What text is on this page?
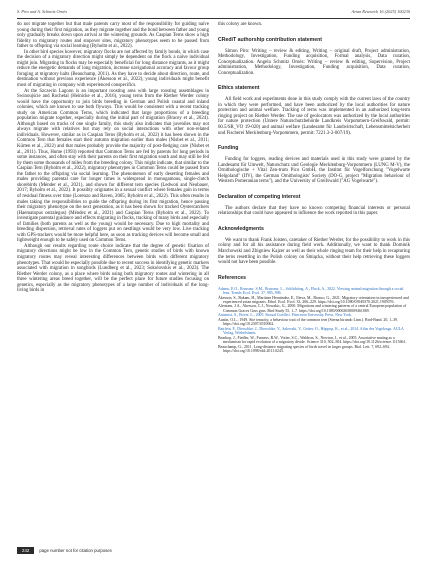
S. Piro and A. Schmitz Ornés	Avian Research 16 (2025) 100230

do not migrate together but that male parents carry most of the responsibility for guiding naïve young during their first migration, as they migrate together and the bond between father and young only gradually breaks down upon arrival at the wintering grounds. As Caspian Terns show a high fidelity to migratory routes and stopover sites, migratory phenotypes seem to be passed from father to offspring via social learning (Byholm et al., 2022).

In other bird species however, migratory flocks are not affected by family bonds, in which case the decision of a migratory direction might simply be dependent on the flock a naïve individual might join. Migrating in flocks may be especially beneficial for long distance migrants, as it might reduce the energetic demands of long migration, increase navigational accuracy and favour group foraging at migratory halts (Beauchamp, 2011). As they have to decide about direction, route, and destination without previous experience (Åkesson et al., 2022), young individuals might benefit most of migrating in company with experienced conspecifics.

At the Szczecin Lagoon is an important roosting area with large roosting assemblages in Swinoujście and Rochetal (Heinicke et al., 2016), young terns from the Riether Werder colony would have the opportunity to join birds breeding in German and Polish coastal and inland colonies, which are known to use both flyways. This would be consistent with a recent tracking study on American Common Terns, which indicated that large proportions of a breeding population migrate together, especially during the initial part of migration (Bracey et al., 2024). Although based on tracks of one single family, this study also indicates that juveniles may not always migrate with relatives but may rely on social interactions with other non-related individuals. However, similar as in Caspian Terns (Byholm et al., 2022) it has been shown in the Common Tern that females start their autumn migration earlier than males (Nisbet et al., 2011; Kürten et al., 2022) and that males probably provide the majority of post-fledging care (Nisbet et al., 2011). Thus, Hume (1993) reported that Common Terns are fed by parents for long periods in some instances, and often stay with their parents on their first migration south and may still be fed by them some thousands of miles from the breeding colony. This might indicate, that similar to the Caspian Tern (Byholm et al., 2022), migratory phenotypes in Common Terns could be passed from the father to the offspring via social learning. The phenomenon of early deserting females and males providing parental care for longer times is widespread in monogamous, single-clutch shorebirds (Ménder et al., 2021), and shown for different tern species (Ledwoń and Neubauer, 2017; Byholm et al., 2022). It possibly originates in a sexual conflict where females gain in terms of residual fitness over time (Lorenzo and Raven, 2005; Byholm et al., 2022). This often results in males taking the responsibilities to guide the offspring during its first migration, hence passing their migratory phenotype on the next generation, as it has been shown for tracked Oystercatchers (Haematopus ostralegus) (Méndez et al., 2021) and Caspian Terns (Byholm et al., 2022). To investigate parental guidance and effects migrating in flocks, tracking of many birds and especially of families (both parents as well as the young) would be necessary. Due to high mortality and breeding dispersion, retrieval rates of loggers put on nestlings would be very low. Live tracking with GPS-trackers would be more helpful here, as soon as tracking devices will become small and lightweight enough to be safely used on Common Terns.

Although our results regarding route choice indicate that the degree of genetic fixation of migratory directions might be low in the Common Tern, genetic studies of birds with known migratory routes may reveal interesting differences between birds with different migratory phenotypes. That would be especially possible due to recent success in identifying genetic markers associated with migration in songbirds (Lundberg et al., 2023; Sokolovskis et al., 2023). The Riether Werder colony, as a place where birds using both migratory routes and wintering in all three wintering areas breed together, will be the perfect place for future studies focusing on genetics, especially as the migratory phenotypes of a large number of individuals of the long-living birds in

this colony are known.

CRediT authorship contribution statement

Simon Piro: Writing – review & editing, Writing – original draft, Project administration, Methodology, Investigation, Funding acquisition, Formal analysis, Data curation, Conceptualization. Angela Schmitz Ornés: Writing – review & editing, Supervision, Project administration, Methodology, Investigation, Funding acquisition, Data curation, Conceptualization.

Ethics statement

All field work and experiments done in this study comply with the current laws of the country in which they were performed, and have been authorized by the local authorities for nature protection and animal welfare. Tracking of terns was implemented in an authorized long-term ringing project on Riether Werder. The use of geolocators was authorized by the local authorities for nature protection (Untere Naturschutzbehörde Landkreis Vorpommern-Greifswald, permit: 60.5/SR_VO 19-020) and animal welfare (Landesamt für Landwirtschaft, Lebensmittelsicherheit und Fischerei Mecklenburg-Vorpommern, permit: 7221.3-2-007/19).

Funding

Funding for loggers, reading devices and materials used in this study were granted by the Landesamt für Umwelt, Naturschutz und Geologie Mecklenburg-Vorpommern (LUNG M-V), the Ornithologische + Vital Zen-trum Pico GmbH, the Institut für Vogelforschung "Vogelwarte Helgoland" (IfV), the German Ornithologists' Society (DO-G, project "Migration behaviour of Western Pomeranian terns"), and the University of Greifswald ("AG Vogelwarte").

Declaration of competing interest

The authors declare that they have no known competing financial interests or personal relationships that could have appeared to influence the work reported in this paper.

Acknowledgments

We want to thank Frank Joisten, caretaker of Riether Werder, for the possibility to work in this colony and for all his assistance during field work. Additionally, we want to thank Dominik Marchowski and Zbigniew Kajzer as well as their whole ringing team for their help in recapturing the terns resettling in the Polish colony on Śmiącka, without their help retrieving these loggers would not have been possible.

References

Adams, E.O., Brasseur, S.M., Brasseur, L., Schlichting, A., Fluck, A., 2022. Viewing animal migration through a social lens. Trends Ecol. Evol. 37, 985–996.

Åkesson, S., Bakam, H., Martínez Hernández, E., Ilieva, M., Bianco, G., 2021. Migratory orientation in inexperienced and experienced avian migrants. Ethol. Ecol. Evol. 33, 206–229. https://doi.org/10.1080/03949370.2021.1905076.

Alerstam, J.A., Åkesson, C.J., Nowakic, G., 2000. Migrations and wintering patterns of a central European population of Common Graces Grus grus. Bird Study 55, 1–7. https://doi.org/10.1080/00063650009461069.

Antsmist, S., Bover, L., 2005. Sexual Conflict. Princeton University Press, New York.

Austin, O.L., 1949. Site tenacity, a behaviour trait of the common tern (Sterna hirundo Linn.). Bird-Band. 20, 1–39. https://doi.org/10.2307/4510062.

Bairlein, F., Dierschke, J., Dierschke, V., Salewski, V., Geiter, O., Hüppop, K., et al., 2014. Atlas des Vogelzugs. AULA Verlag, Wiebelsheim.

Bearhop, J., Fiedler, W., Furness, R.W., Votier, S.C., Waldron, S., Newton, J., et al., 2005. Assortative mating as a mechanism for rapid evolution of a migratory divide. Science 310, 502–504. https://doi.org/10.1126/science.1115661.

Beauchamp, G., 2011. Long-distance migrating species of birds travel in larger groups. Biol. Lett. 7, 692–694. https://doi.org/10.1098/rsbl.2011.0243.

242 page number not for citation purposes
